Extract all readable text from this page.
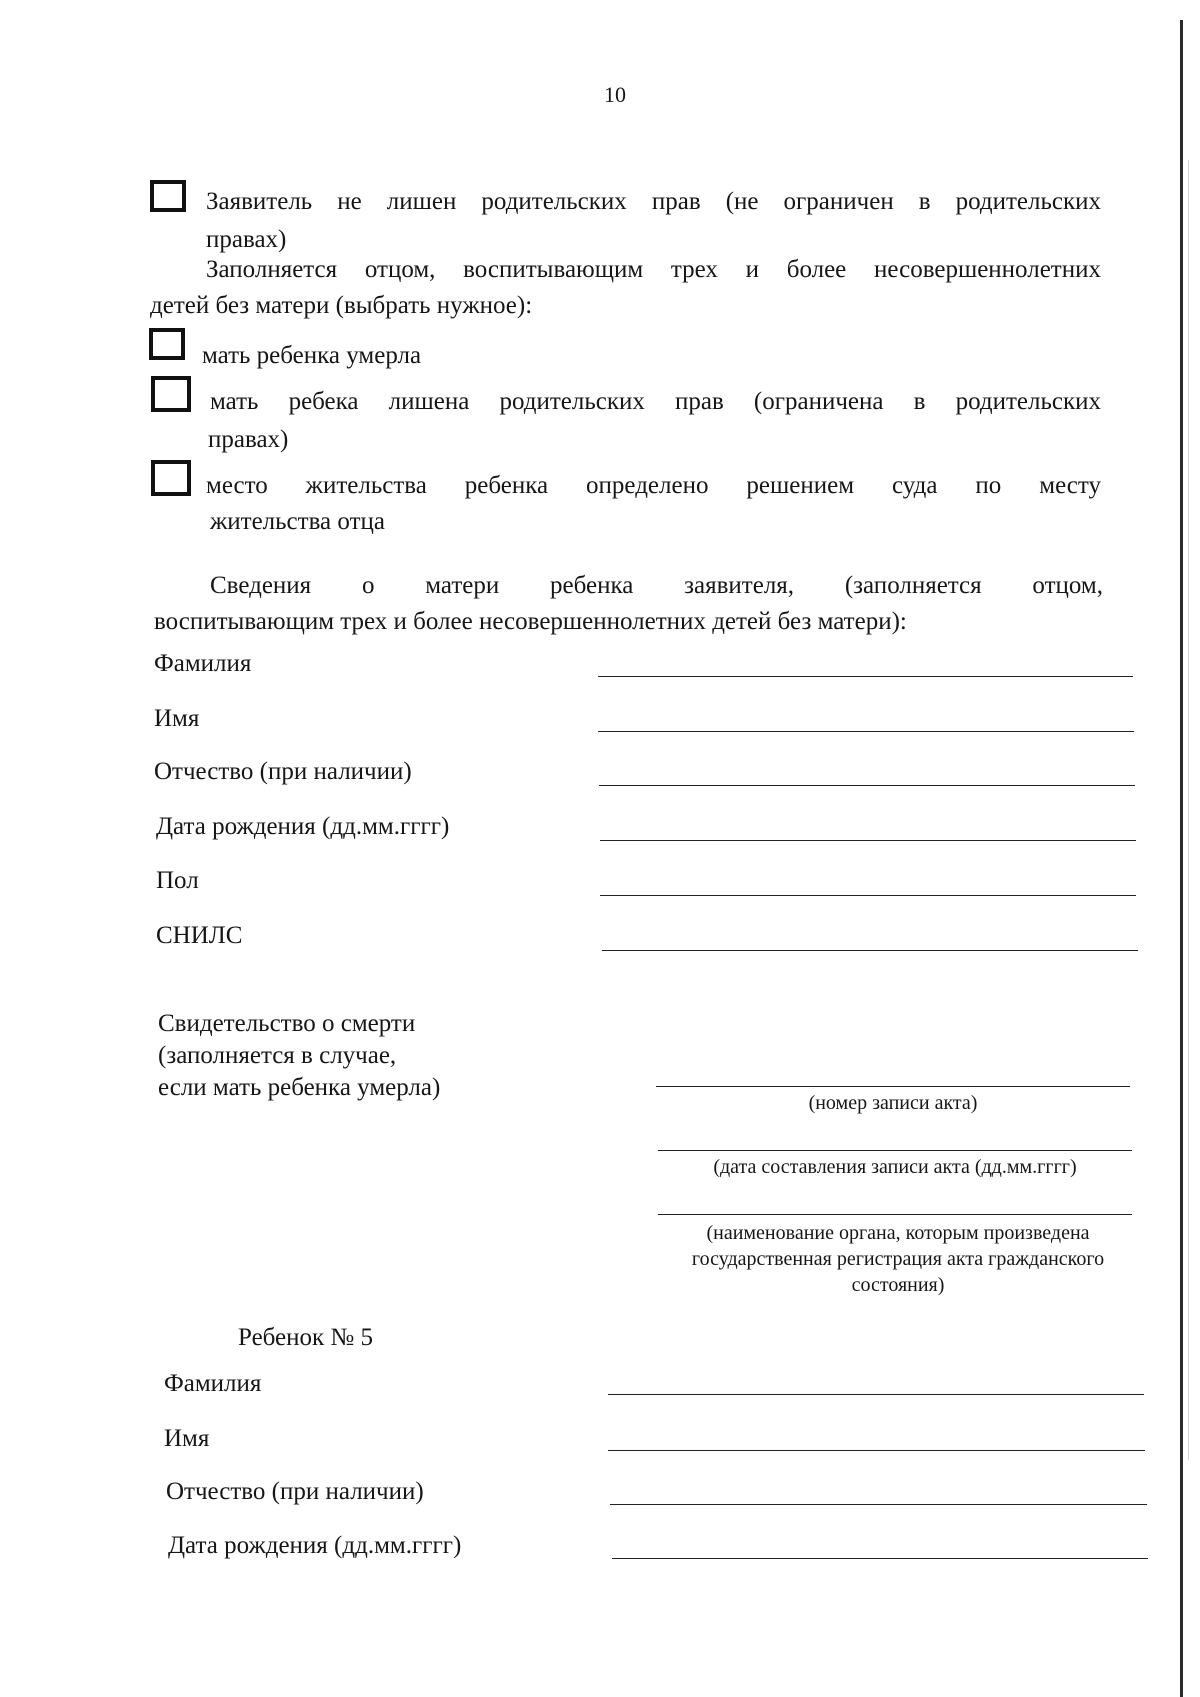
10
Заявитель не лишен родительских прав (не ограничен в родительских
правах)
Заполняется отцом, воспитывающим трех и более несовершеннолетних
детей без матери (выбрать нужное):
мать ребенка умерла
мать ребека лишена родительских прав (ограничена в родительских
правах)
место жительства ребенка определено решением суда по месту
жительства отца
Сведения о матери ребенка заявителя, (заполняется отцом,
воспитывающим трех и более несовершеннолетних детей без матери):
Фамилия
Имя
Отчество (при наличии)
Дата рождения (дд.мм.гггг)
Пол
СНИЛС
Свидетельство о смерти
(заполняется в случае,
если мать ребенка умерла)
(номер записи акта)
(дата составления записи акта (дд.мм.гггг)
(наименование органа, которым произведена
государственная регистрация акта гражданского
состояния)
Ребенок № 5
Фамилия
Имя
Отчество (при наличии)
Дата рождения (дд.мм.гггг)
